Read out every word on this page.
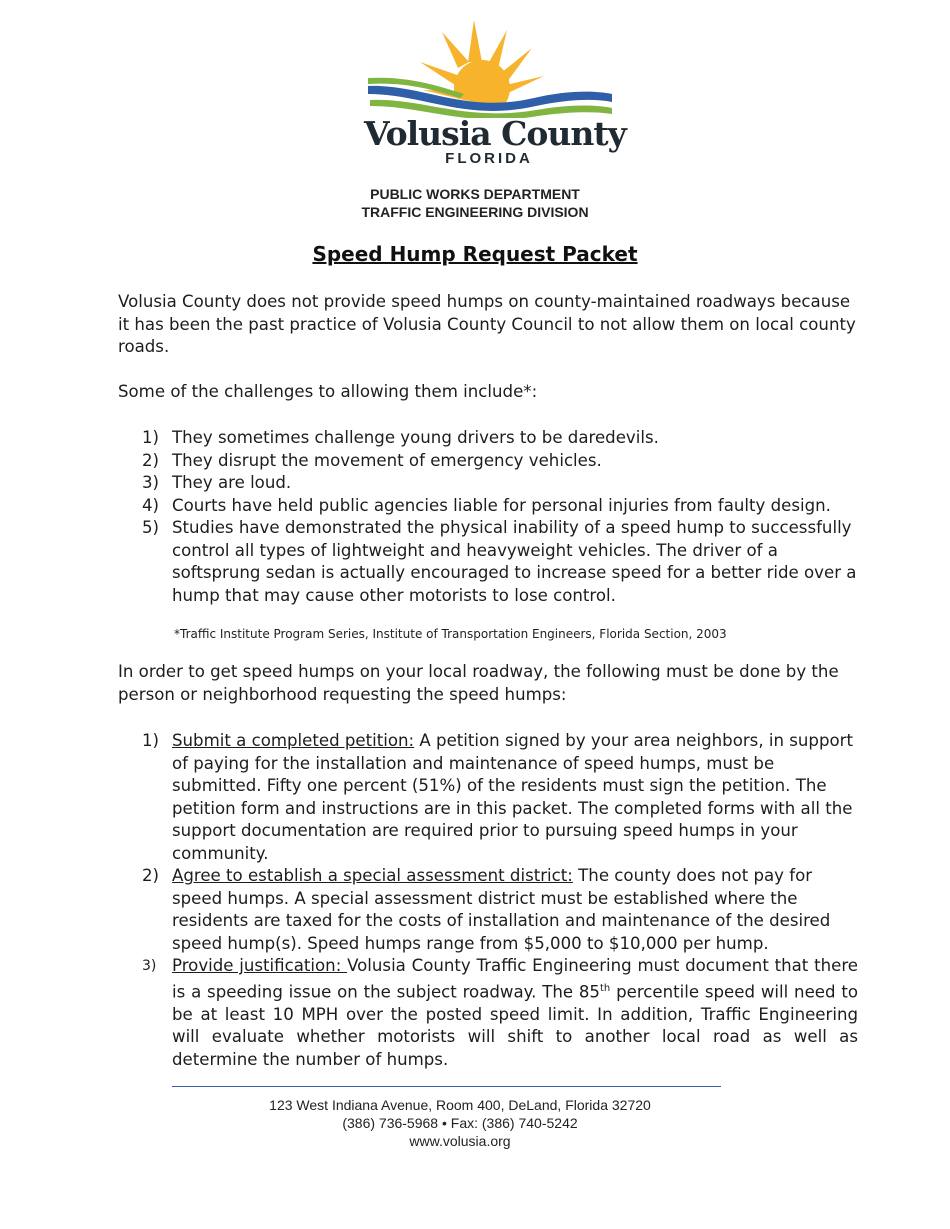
Volusia County
FLORIDA
PUBLIC WORKS DEPARTMENT
TRAFFIC ENGINEERING DIVISION
Speed Hump Request Packet
Volusia County does not provide speed humps on county-maintained roadways because it has been the past practice of Volusia County Council to not allow them on local county roads.
Some of the challenges to allowing them include*:
1) They sometimes challenge young drivers to be daredevils.
2) They disrupt the movement of emergency vehicles.
3) They are loud.
4) Courts have held public agencies liable for personal injuries from faulty design.
5) Studies have demonstrated the physical inability of a speed hump to successfully control all types of lightweight and heavyweight vehicles. The driver of a softsprung sedan is actually encouraged to increase speed for a better ride over a hump that may cause other motorists to lose control.
*Traffic Institute Program Series, Institute of Transportation Engineers, Florida Section, 2003
In order to get speed humps on your local roadway, the following must be done by the person or neighborhood requesting the speed humps:
1) Submit a completed petition: A petition signed by your area neighbors, in support of paying for the installation and maintenance of speed humps, must be submitted. Fifty one percent (51%) of the residents must sign the petition. The petition form and instructions are in this packet. The completed forms with all the support documentation are required prior to pursuing speed humps in your community.
2) Agree to establish a special assessment district: The county does not pay for speed humps. A special assessment district must be established where the residents are taxed for the costs of installation and maintenance of the desired speed hump(s). Speed humps range from $5,000 to $10,000 per hump.
3) Provide justification: Volusia County Traffic Engineering must document that there is a speeding issue on the subject roadway. The 85th percentile speed will need to be at least 10 MPH over the posted speed limit. In addition, Traffic Engineering will evaluate whether motorists will shift to another local road as well as determine the number of humps.
123 West Indiana Avenue, Room 400, DeLand, Florida 32720
(386) 736-5968 • Fax: (386) 740-5242
www.volusia.org
